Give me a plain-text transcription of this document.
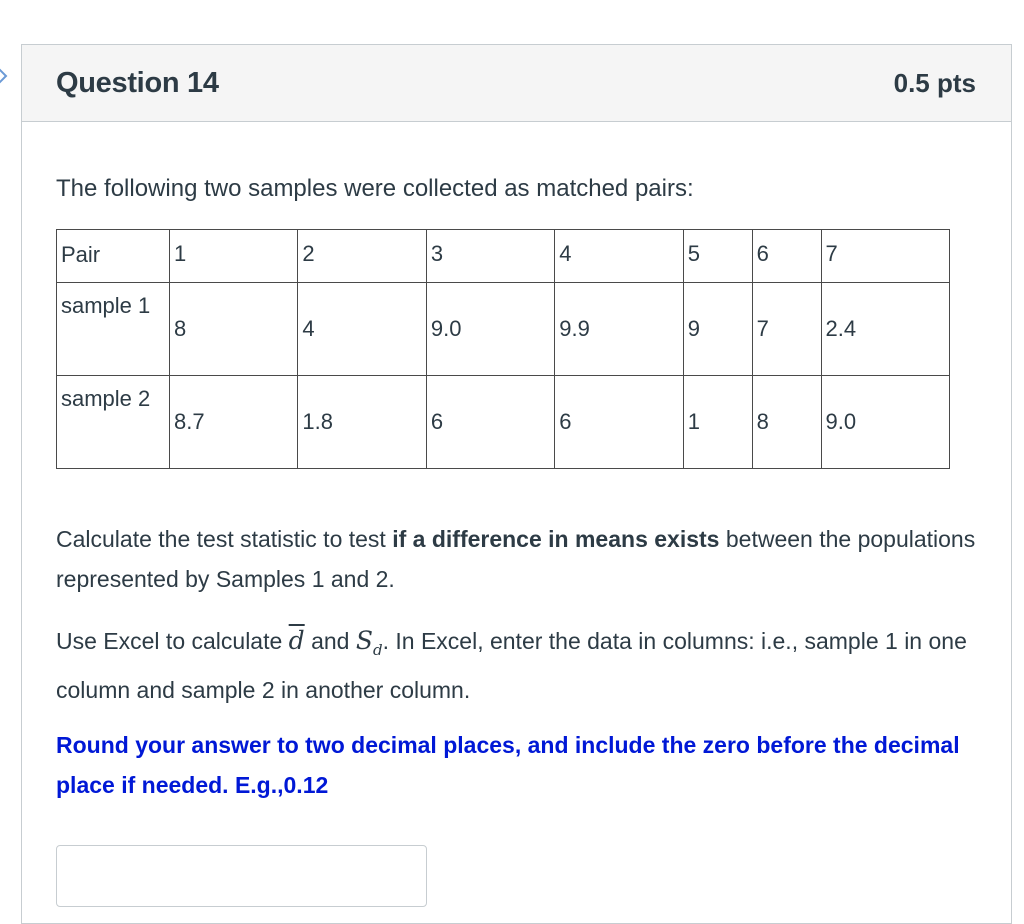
Question 14	0.5 pts

The following two samples were collected as matched pairs:

Pair	1	2	3	4	5	6	7
sample 1	8	4	9.0	9.9	9	7	2.4
sample 2	8.7	1.8	6	6	1	8	9.0

Calculate the test statistic to test if a difference in means exists between the populations represented by Samples 1 and 2.

Use Excel to calculate $\overline{d}$ and $S_d$. In Excel, enter the data in columns: i.e., sample 1 in one column and sample 2 in another column.

Round your answer to two decimal places, and include the zero before the decimal place if needed. E.g.,0.12
